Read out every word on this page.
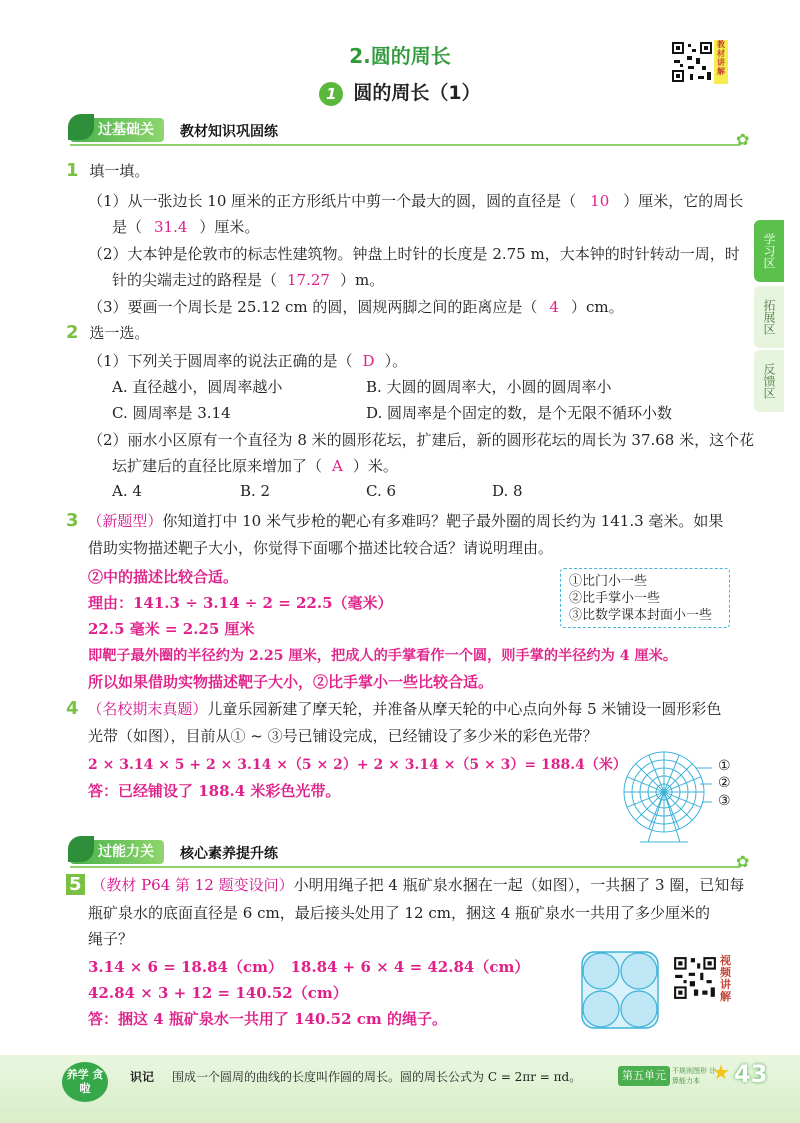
2.圆的周长
1 圆的周长（1）
教材讲解
学习区
拓展区
反馈区
过基础关	教材知识巩固练	✿
1 填一填。
（1）从一张边长 10 厘米的正方形纸片中剪一个最大的圆，圆的直径是（ 10 ）厘米，它的周长
是（ 31.4 ）厘米。
（2）大本钟是伦敦市的标志性建筑物。钟盘上时针的长度是 2.75 m，大本钟的时针转动一周，时
针的尖端走过的路程是（ 17.27 ）m。
（3）要画一个周长是 25.12 cm 的圆，圆规两脚之间的距离应是（ 4 ）cm。
2 选一选。
（1）下列关于圆周率的说法正确的是（ D ）。
A. 直径越小，圆周率越小	B. 大圆的圆周率大，小圆的圆周率小
C. 圆周率是 3.14	D. 圆周率是个固定的数，是个无限不循环小数
（2）丽水小区原有一个直径为 8 米的圆形花坛，扩建后，新的圆形花坛的周长为 37.68 米，这个花
坛扩建后的直径比原来增加了（ A ）米。
A. 4	B. 2	C. 6	D. 8
3 （新题型）你知道打中 10 米气步枪的靶心有多难吗？靶子最外圈的周长约为 141.3 毫米。如果
借助实物描述靶子大小，你觉得下面哪个描述比较合适？请说明理由。
②中的描述比较合适。
理由：141.3 ÷ 3.14 ÷ 2 = 22.5（毫米）
22.5 毫米 = 2.25 厘米
即靶子最外圈的半径约为 2.25 厘米，把成人的手掌看作一个圆，则手掌的半径约为 4 厘米。
所以如果借助实物描述靶子大小，②比手掌小一些比较合适。
①比门小一些
②比手掌小一些
③比数学课本封面小一些
4 （名校期末真题）儿童乐园新建了摩天轮，并准备从摩天轮的中心点向外每 5 米铺设一圆形彩色
光带（如图），目前从① ~ ③号已铺设完成，已经铺设了多少米的彩色光带？
2 × 3.14 × 5 + 2 × 3.14 ×（5 × 2）+ 2 × 3.14 ×（5 × 3）= 188.4（米）
答：已经铺设了 188.4 米彩色光带。
①
②
③
过能力关	核心素养提升练	✿
5 （教材 P64 第 12 题变设问）小明用绳子把 4 瓶矿泉水捆在一起（如图），一共捆了 3 圈，已知每
瓶矿泉水的底面直径是 6 cm，最后接头处用了 12 cm，捆这 4 瓶矿泉水一共用了多少厘米的
绳子？
3.14 × 6 = 18.84（cm）　18.84 + 6 × 4 = 42.84（cm）
42.84 × 3 + 12 = 140.52（cm）
答：捆这 4 瓶矿泉水一共用了 140.52 cm 的绳子。
视频讲解
养学 贪啦
识记 围成一个圆周的曲线的长度叫作圆的周长。圆的周长公式为 C = 2πr = πd。	第五单元 不规则图形 计算能力本 ★ 43
